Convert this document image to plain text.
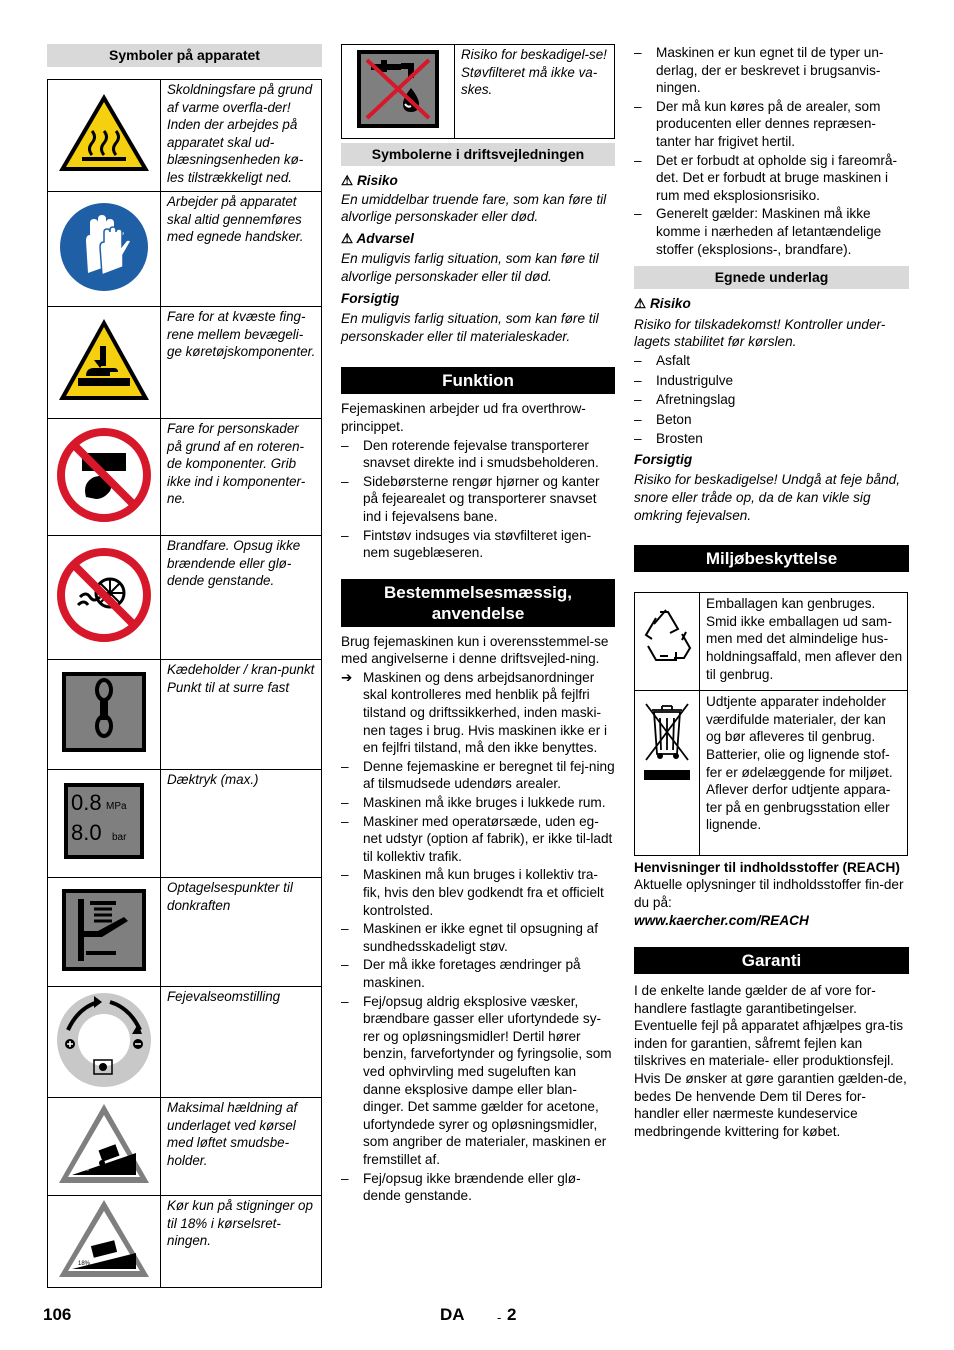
Symboler på apparatet
	Skoldningsfare på grund af varme overfla-der! Inden der arbejdes på apparatet skal ud-blæsningsenheden kø-les tilstrækkeligt ned.
	Arbejder på apparatet skal altid gennemføres med egnede handsker.
	Fare for at kvæste fing-rene mellem bevægeli-ge køretøjskomponenter.
	Fare for personskader på grund af en roteren-de komponenter. Grib ikke ind i komponenter-ne.
	Brandfare. Opsug ikke brændende eller glø-dende genstande.
	Kædeholder / kran-punkt
Punkt til at surre fast

0.8 MPa
8.0 bar	Dæktryk (max.)
	Optagelsespunkter til donkraften
	Fejevalseomstilling

0%	Maksimal hældning af underlaget ved kørsel med løftet smudsbe-holder.

18%	Kør kun på stigninger op til 18% i kørselsret-ningen.
	Risiko for beskadigel-se!
Støvfilteret må ikke va-skes.
Symbolerne i driftsvejledningen

⚠ Risiko

En umiddelbar truende fare, som kan føre til alvorlige personskader eller død.

⚠ Advarsel

En muligvis farlig situation, som kan føre til alvorlige personskader eller til død.

Forsigtig

En muligvis farlig situation, som kan føre til personskader eller til materialeskader.

Funktion

Fejemaskinen arbejder ud fra overthrow-princippet.

– Den roterende fejevalse transporterer snavset direkte ind i smudsbeholderen.
– Sidebørsterne rengør hjørner og kanter på fejearealet og transporterer snavset ind i fejevalsens bane.
– Fintstøv indsuges via støvfilteret igen-nem sugeblæseren.
Bestemmelsesmæssig, anvendelse

Brug fejemaskinen kun i overensstemmel-se med angivelserne i denne driftsvejled-ning.

➔ Maskinen og dens arbejdsanordninger skal kontrolleres med henblik på fejlfri tilstand og driftssikkerhed, inden maski-nen tages i brug. Hvis maskinen ikke er i en fejlfri tilstand, må den ikke benyttes.
– Denne fejemaskine er beregnet til fej-ning af tilsmudsede udendørs arealer.
– Maskinen må ikke bruges i lukkede rum.
– Maskiner med operatørsæde, uden eg-net udstyr (option af fabrik), er ikke til-ladt til kollektiv trafik.
– Maskinen må kun bruges i kollektiv tra-fik, hvis den blev godkendt fra et officielt kontrolsted.
– Maskinen er ikke egnet til opsugning af sundhedsskadeligt støv.
– Der må ikke foretages ændringer på maskinen.
– Fej/opsug aldrig eksplosive væsker, brændbare gasser eller ufortyndede sy-rer og opløsningsmidler! Dertil hører benzin, farvefortynder og fyringsolie, som ved ophvirvling med sugeluften kan danne eksplosive dampe eller blan-dinger. Det samme gælder for acetone, ufortyndede syrer og opløsningsmidler, som angriber de materialer, maskinen er fremstillet af.
– Fej/opsug ikke brændende eller glø-dende genstande.
– Maskinen er kun egnet til de typer un-derlag, der er beskrevet i brugsanvis-ningen.
– Der må kun køres på de arealer, som producenten eller dennes repræsen-tanter har frigivet hertil.
– Det er forbudt at opholde sig i fareområ-det. Det er forbudt at bruge maskinen i rum med eksplosionsrisiko.
– Generelt gælder: Maskinen må ikke komme i nærheden af letantændelige stoffer (eksplosions-, brandfare).
Egnede underlag

⚠ Risiko

Risiko for tilskadekomst! Kontroller under-lagets stabilitet før kørslen.

– Asfalt
– Industrigulve
– Afretningslag
– Beton
– Brosten

Forsigtig

Risiko for beskadigelse! Undgå at feje bånd, snore eller tråde op, da de kan vikle sig omkring fejevalsen.

Miljøbeskyttelse
	Emballagen kan genbruges. Smid ikke emballagen ud sam-men med det almindelige hus-holdningsaffald, men aflever den til genbrug.
	Udtjente apparater indeholder værdifulde materialer, der kan og bør afleveres til genbrug. Batterier, olie og lignende stof-fer er ødelæggende for miljøet. Aflever derfor udtjente appara-ter på en genbrugsstation eller lignende.

Henvisninger til indholdsstoffer (REACH)

Aktuelle oplysninger til indholdsstoffer fin-der du på:

www.kaercher.com/REACH

Garanti

I de enkelte lande gælder de af vore for-handlere fastlagte garantibetingelser. Eventuelle fejl på apparatet afhjælpes gra-tis inden for garantien, såfremt fejlen kan tilskrives en materiale- eller produktionsfejl. Hvis De ønsker at gøre garantien gælden-de, bedes De henvende Dem til Deres for-handler eller nærmeste kundeservice medbringende kvittering for købet.

106	DA - 2
